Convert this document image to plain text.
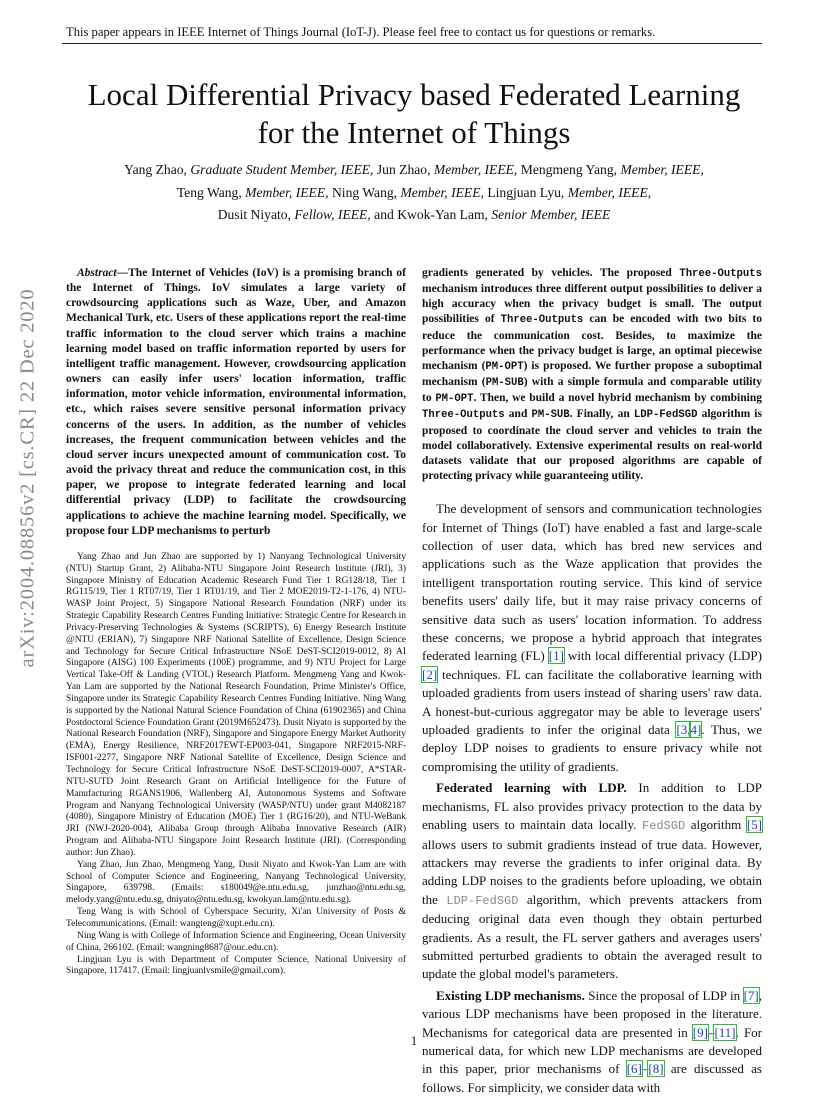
This paper appears in IEEE Internet of Things Journal (IoT-J). Please feel free to contact us for questions or remarks.
Local Differential Privacy based Federated Learning
for the Internet of Things
Yang Zhao, Graduate Student Member, IEEE, Jun Zhao, Member, IEEE, Mengmeng Yang, Member, IEEE,
Teng Wang, Member, IEEE, Ning Wang, Member, IEEE, Lingjuan Lyu, Member, IEEE,
Dusit Niyato, Fellow, IEEE, and Kwok-Yan Lam, Senior Member, IEEE
arXiv:2004.08856v2 [cs.CR] 22 Dec 2020

Abstract—The Internet of Vehicles (IoV) is a promising branch of the Internet of Things. IoV simulates a large variety of crowdsourcing applications such as Waze, Uber, and Amazon Mechanical Turk, etc. Users of these applications report the real-time traffic information to the cloud server which trains a machine learning model based on traffic information reported by users for intelligent traffic management. However, crowdsourcing application owners can easily infer users' location information, traffic information, motor vehicle information, environmental information, etc., which raises severe sensitive personal information privacy concerns of the users. In addition, as the number of vehicles increases, the frequent communication between vehicles and the cloud server incurs unexpected amount of communication cost. To avoid the privacy threat and reduce the communication cost, in this paper, we propose to integrate federated learning and local differential privacy (LDP) to facilitate the crowdsourcing applications to achieve the machine learning model. Specifically, we propose four LDP mechanisms to perturb

Yang Zhao and Jun Zhao are supported by 1) Nanyang Technological University (NTU) Startup Grant, 2) Alibaba-NTU Singapore Joint Research Institute (JRI), 3) Singapore Ministry of Education Academic Research Fund Tier 1 RG128/18, Tier 1 RG115/19, Tier 1 RT07/19, Tier 1 RT01/19, and Tier 2 MOE2019-T2-1-176, 4) NTU-WASP Joint Project, 5) Singapore National Research Foundation (NRF) under its Strategic Capability Research Centres Funding Initiative: Strategic Centre for Research in Privacy-Preserving Technologies & Systems (SCRIPTS), 6) Energy Research Institute @NTU (ERIAN), 7) Singapore NRF National Satellite of Excellence, Design Science and Technology for Secure Critical Infrastructure NSoE DeST-SCI2019-0012, 8) AI Singapore (AISG) 100 Experiments (100E) programme, and 9) NTU Project for Large Vertical Take-Off & Landing (VTOL) Research Platform. Mengmeng Yang and Kwok-Yan Lam are supported by the National Research Foundation, Prime Minister's Office, Singapore under its Strategic Capability Research Centres Funding Initiative. Ning Wang is supported by the National Natural Science Foundation of China (61902365) and China Postdoctoral Science Foundation Grant (2019M652473). Dusit Niyato is supported by the National Research Foundation (NRF), Singapore and Singapore Energy Market Authority (EMA), Energy Resilience, NRF2017EWT-EP003-041, Singapore NRF2015-NRF-ISF001-2277, Singapore NRF National Satellite of Excellence, Design Science and Technology for Secure Critical Infrastructure NSoE DeST-SCI2019-0007, A*STAR-NTU-SUTD Joint Research Grant on Artificial Intelligence for the Future of Manufacturing RGANS1906, Wallenberg AI, Autonomous Systems and Software Program and Nanyang Technological University (WASP/NTU) under grant M4082187 (4080), Singapore Ministry of Education (MOE) Tier 1 (RG16/20), and NTU-WeBank JRI (NWJ-2020-004), Alibaba Group through Alibaba Innovative Research (AIR) Program and Alibaba-NTU Singapore Joint Research Institute (JRI). (Corresponding author: Jun Zhao).

Yang Zhao, Jun Zhao, Mengmeng Yang, Dusit Niyato and Kwok-Yan Lam are with School of Computer Science and Engineering, Nanyang Technological University, Singapore, 639798. (Emails: s180049@e.ntu.edu.sg, junzhao@ntu.edu.sg, melody.yang@ntu.edu.sg, dniyato@ntu.edu.sg, kwokyan.lam@ntu.edu.sg).

Teng Wang is with School of Cyberspace Security, Xi'an University of Posts & Telecommunications. (Email: wangteng@xupt.edu.cn).

Ning Wang is with College of Information Science and Engineering, Ocean University of China, 266102. (Email: wangning8687@ouc.edu.cn).

Lingjuan Lyu is with Department of Computer Science, National University of Singapore, 117417. (Email: lingjuanlvsmile@gmail.com).

gradients generated by vehicles. The proposed Three-Outputs mechanism introduces three different output possibilities to deliver a high accuracy when the privacy budget is small. The output possibilities of Three-Outputs can be encoded with two bits to reduce the communication cost. Besides, to maximize the performance when the privacy budget is large, an optimal piecewise mechanism (PM-OPT) is proposed. We further propose a suboptimal mechanism (PM-SUB) with a simple formula and comparable utility to PM-OPT. Then, we build a novel hybrid mechanism by combining Three-Outputs and PM-SUB. Finally, an LDP-FedSGD algorithm is proposed to coordinate the cloud server and vehicles to train the model collaboratively. Extensive experimental results on real-world datasets validate that our proposed algorithms are capable of protecting privacy while guaranteeing utility.

The development of sensors and communication technologies for Internet of Things (IoT) have enabled a fast and large-scale collection of user data, which has bred new services and applications such as the Waze application that provides the intelligent transportation routing service. This kind of service benefits users' daily life, but it may raise privacy concerns of sensitive data such as users' location information. To address these concerns, we propose a hybrid approach that integrates federated learning (FL) [1] with local differential privacy (LDP) [2] techniques. FL can facilitate the collaborative learning with uploaded gradients from users instead of sharing users' raw data. A honest-but-curious aggregator may be able to leverage users' uploaded gradients to infer the original data [3,4]. Thus, we deploy LDP noises to gradients to ensure privacy while not compromising the utility of gradients.

Federated learning with LDP. In addition to LDP mechanisms, FL also provides privacy protection to the data by enabling users to maintain data locally. FedSGD algorithm [5] allows users to submit gradients instead of true data. However, attackers may reverse the gradients to infer original data. By adding LDP noises to the gradients before uploading, we obtain the LDP-FedSGD algorithm, which prevents attackers from deducing original data even though they obtain perturbed gradients. As a result, the FL server gathers and averages users' submitted perturbed gradients to obtain the averaged result to update the global model's parameters.

Existing LDP mechanisms. Since the proposal of LDP in [7], various LDP mechanisms have been proposed in the literature. Mechanisms for categorical data are presented in [9]–[11]. For numerical data, for which new LDP mechanisms are developed in this paper, prior mechanisms of [6]–[8] are discussed as follows. For simplicity, we consider data with

1
